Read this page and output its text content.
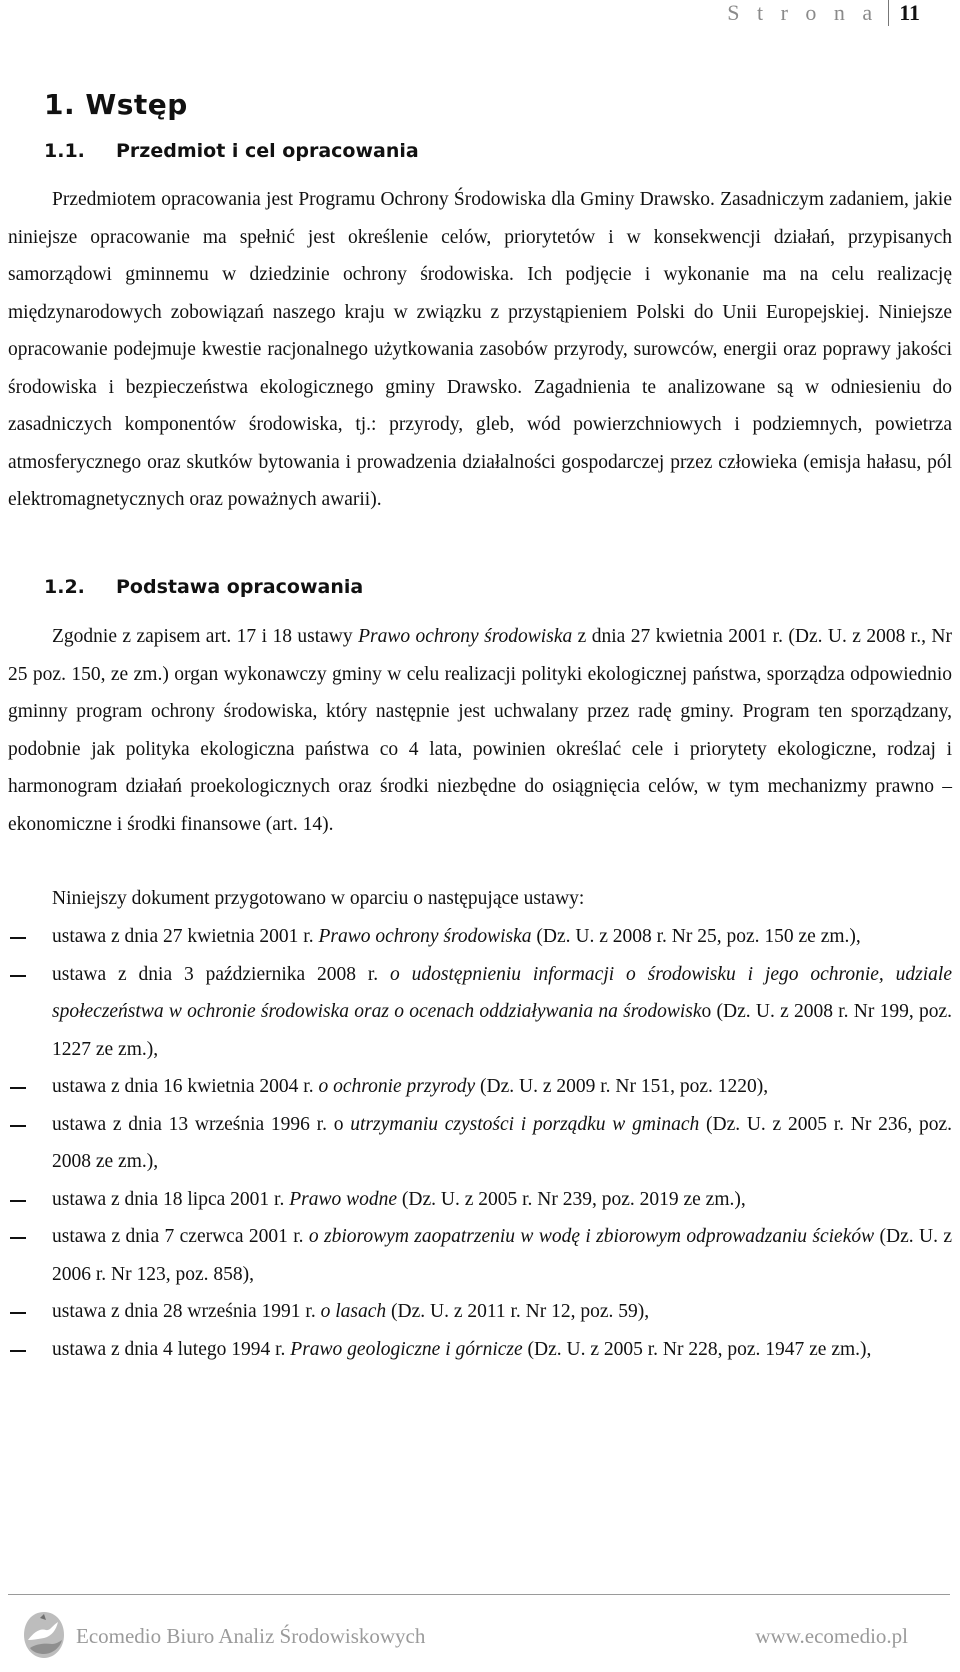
S t r o n a 11
1. Wstęp
1.1.	Przedmiot i cel opracowania
Przedmiotem opracowania jest Programu Ochrony Środowiska dla Gminy Drawsko. Zasadniczym zadaniem, jakie niniejsze opracowanie ma spełnić jest określenie celów, priorytetów i w konsekwencji działań, przypisanych samorządowi gminnemu w dziedzinie ochrony środowiska. Ich podjęcie i wykonanie ma na celu realizację międzynarodowych zobowiązań naszego kraju w związku z przystąpieniem Polski do Unii Europejskiej. Niniejsze opracowanie podejmuje kwestie racjonalnego użytkowania zasobów przyrody, surowców, energii oraz poprawy jakości środowiska i bezpieczeństwa ekologicznego gminy Drawsko. Zagadnienia te analizowane są w odniesieniu do zasadniczych komponentów środowiska, tj.: przyrody, gleb, wód powierzchniowych i podziemnych, powietrza atmosferycznego oraz skutków bytowania i prowadzenia działalności gospodarczej przez człowieka (emisja hałasu, pól elektromagnetycznych oraz poważnych awarii).
1.2.	Podstawa opracowania
Zgodnie z zapisem art. 17 i 18 ustawy Prawo ochrony środowiska z dnia 27 kwietnia 2001 r. (Dz. U. z 2008 r., Nr 25 poz. 150, ze zm.) organ wykonawczy gminy w celu realizacji polityki ekologicznej państwa, sporządza odpowiednio gminny program ochrony środowiska, który następnie jest uchwalany przez radę gminy. Program ten sporządzany, podobnie jak polityka ekologiczna państwa co 4 lata, powinien określać cele i priorytety ekologiczne, rodzaj i harmonogram działań proekologicznych oraz środki niezbędne do osiągnięcia celów, w tym mechanizmy prawno – ekonomiczne i środki finansowe (art. 14).
Niniejszy dokument przygotowano w oparciu o następujące ustawy:
ustawa z dnia 27 kwietnia 2001 r. Prawo ochrony środowiska (Dz. U. z 2008 r. Nr 25, poz. 150 ze zm.),
ustawa z dnia 3 października 2008 r. o udostępnieniu informacji o środowisku i jego ochronie, udziale społeczeństwa w ochronie środowiska oraz o ocenach oddziaływania na środowisko (Dz. U. z 2008 r. Nr 199, poz. 1227 ze zm.),
ustawa z dnia 16 kwietnia 2004 r. o ochronie przyrody (Dz. U. z 2009 r. Nr 151, poz. 1220),
ustawa z dnia 13 września 1996 r. o utrzymaniu czystości i porządku w gminach (Dz. U. z 2005 r. Nr 236, poz. 2008 ze zm.),
ustawa z dnia 18 lipca 2001 r. Prawo wodne (Dz. U. z 2005 r. Nr 239, poz. 2019 ze zm.),
ustawa z dnia 7 czerwca 2001 r. o zbiorowym zaopatrzeniu w wodę i zbiorowym odprowadzaniu ścieków (Dz. U. z 2006 r. Nr 123, poz. 858),
ustawa z dnia 28 września 1991 r. o lasach (Dz. U. z 2011 r. Nr 12, poz. 59),
ustawa z dnia 4 lutego 1994 r. Prawo geologiczne i górnicze (Dz. U. z 2005 r. Nr 228, poz. 1947 ze zm.),
Ecomedio Biuro Analiz Środowiskowych	www.ecomedio.pl
